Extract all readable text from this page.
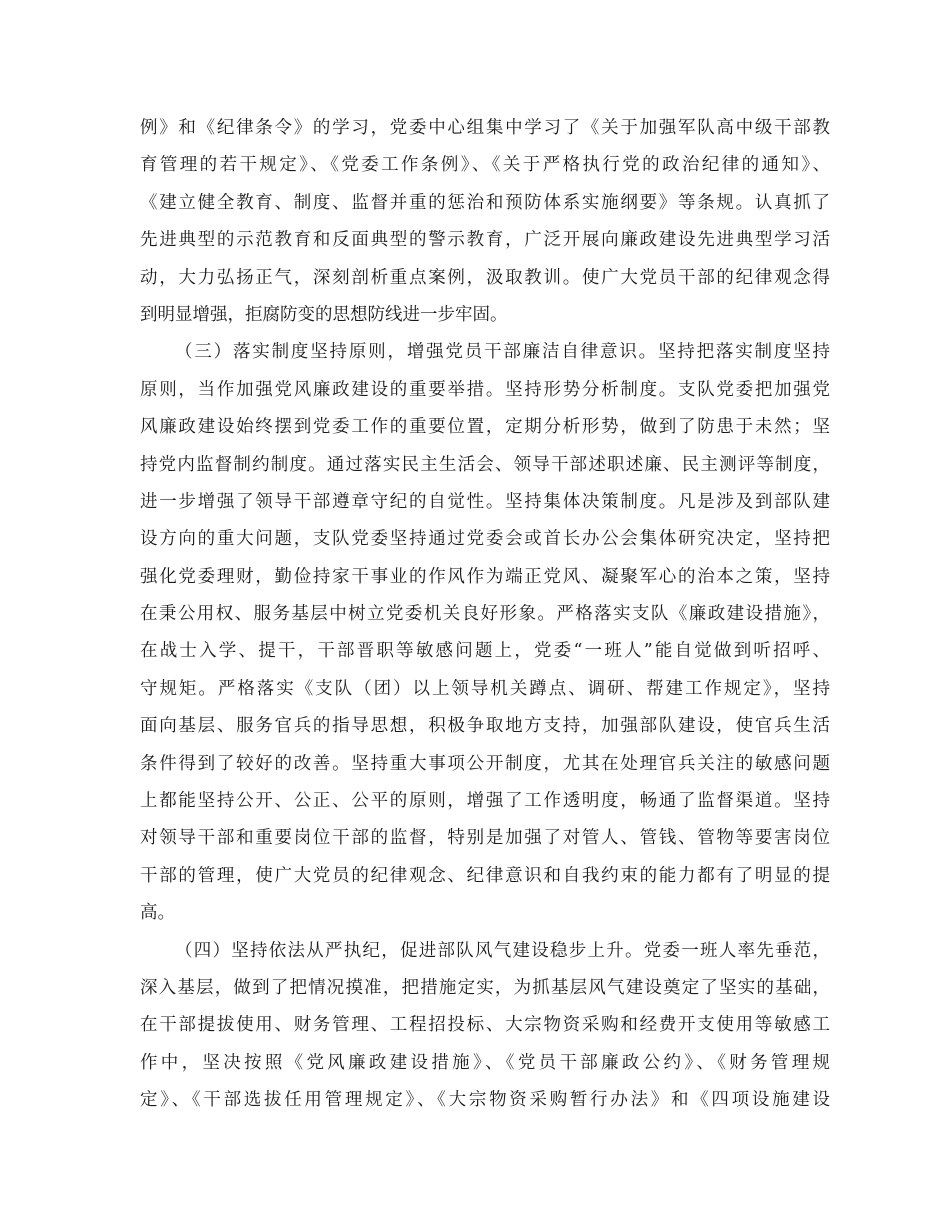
例》和《纪律条令》的学习，党委中心组集中学习了《关于加强军队高中级干部教
育管理的若干规定》、《党委工作条例》、《关于严格执行党的政治纪律的通知》、
《建立健全教育、制度、监督并重的惩治和预防体系实施纲要》等条规。认真抓了
先进典型的示范教育和反面典型的警示教育，广泛开展向廉政建设先进典型学习活
动，大力弘扬正气，深刻剖析重点案例，汲取教训。使广大党员干部的纪律观念得
到明显增强，拒腐防变的思想防线进一步牢固。
（三）落实制度坚持原则，增强党员干部廉洁自律意识。坚持把落实制度坚持
原则，当作加强党风廉政建设的重要举措。坚持形势分析制度。支队党委把加强党
风廉政建设始终摆到党委工作的重要位置，定期分析形势，做到了防患于未然；坚
持党内监督制约制度。通过落实民主生活会、领导干部述职述廉、民主测评等制度，
进一步增强了领导干部遵章守纪的自觉性。坚持集体决策制度。凡是涉及到部队建
设方向的重大问题，支队党委坚持通过党委会或首长办公会集体研究决定，坚持把
强化党委理财，勤俭持家干事业的作风作为端正党风、凝聚军心的治本之策，坚持
在秉公用权、服务基层中树立党委机关良好形象。严格落实支队《廉政建设措施》，
在战士入学、提干，干部晋职等敏感问题上，党委“一班人”能自觉做到听招呼、
守规矩。严格落实《支队（团）以上领导机关蹲点、调研、帮建工作规定》，坚持
面向基层、服务官兵的指导思想，积极争取地方支持，加强部队建设，使官兵生活
条件得到了较好的改善。坚持重大事项公开制度，尤其在处理官兵关注的敏感问题
上都能坚持公开、公正、公平的原则，增强了工作透明度，畅通了监督渠道。坚持
对领导干部和重要岗位干部的监督，特别是加强了对管人、管钱、管物等要害岗位
干部的管理，使广大党员的纪律观念、纪律意识和自我约束的能力都有了明显的提
高。
（四）坚持依法从严执纪，促进部队风气建设稳步上升。党委一班人率先垂范，
深入基层，做到了把情况摸准，把措施定实，为抓基层风气建设奠定了坚实的基础，
在干部提拔使用、财务管理、工程招投标、大宗物资采购和经费开支使用等敏感工
作中，坚决按照《党风廉政建设措施》、《党员干部廉政公约》、《财务管理规
定》、《干部选拔任用管理规定》、《大宗物资采购暂行办法》和《四项设施建设
